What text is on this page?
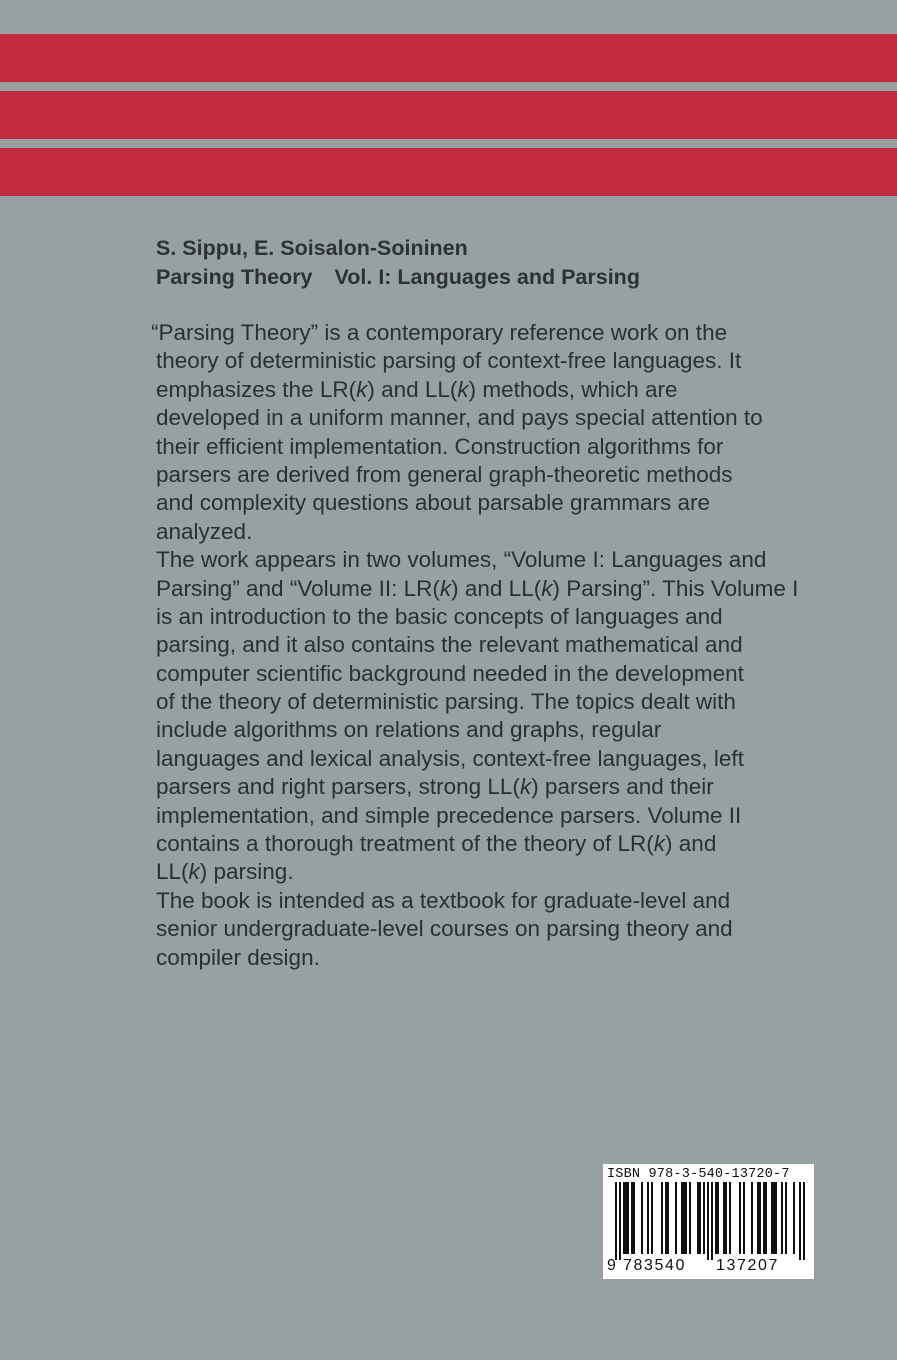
S. Sippu, E. Soisalon-Soininen
Parsing Theory Vol. I: Languages and Parsing
“Parsing Theory” is a contemporary reference work on the
theory of deterministic parsing of context-free languages. It
emphasizes the LR(k) and LL(k) methods, which are
developed in a uniform manner, and pays special attention to
their efficient implementation. Construction algorithms for
parsers are derived from general graph-theoretic methods
and complexity questions about parsable grammars are
analyzed.
The work appears in two volumes, “Volume I: Languages and
Parsing” and “Volume II: LR(k) and LL(k) Parsing”. This Volume I
is an introduction to the basic concepts of languages and
parsing, and it also contains the relevant mathematical and
computer scientific background needed in the development
of the theory of deterministic parsing. The topics dealt with
include algorithms on relations and graphs, regular
languages and lexical analysis, context-free languages, left
parsers and right parsers, strong LL(k) parsers and their
implementation, and simple precedence parsers. Volume II
contains a thorough treatment of the theory of LR(k) and
LL(k) parsing.
The book is intended as a textbook for graduate-level and
senior undergraduate-level courses on parsing theory and
compiler design.
ISBN 978-3-540-13720-7
9 783540 137207
